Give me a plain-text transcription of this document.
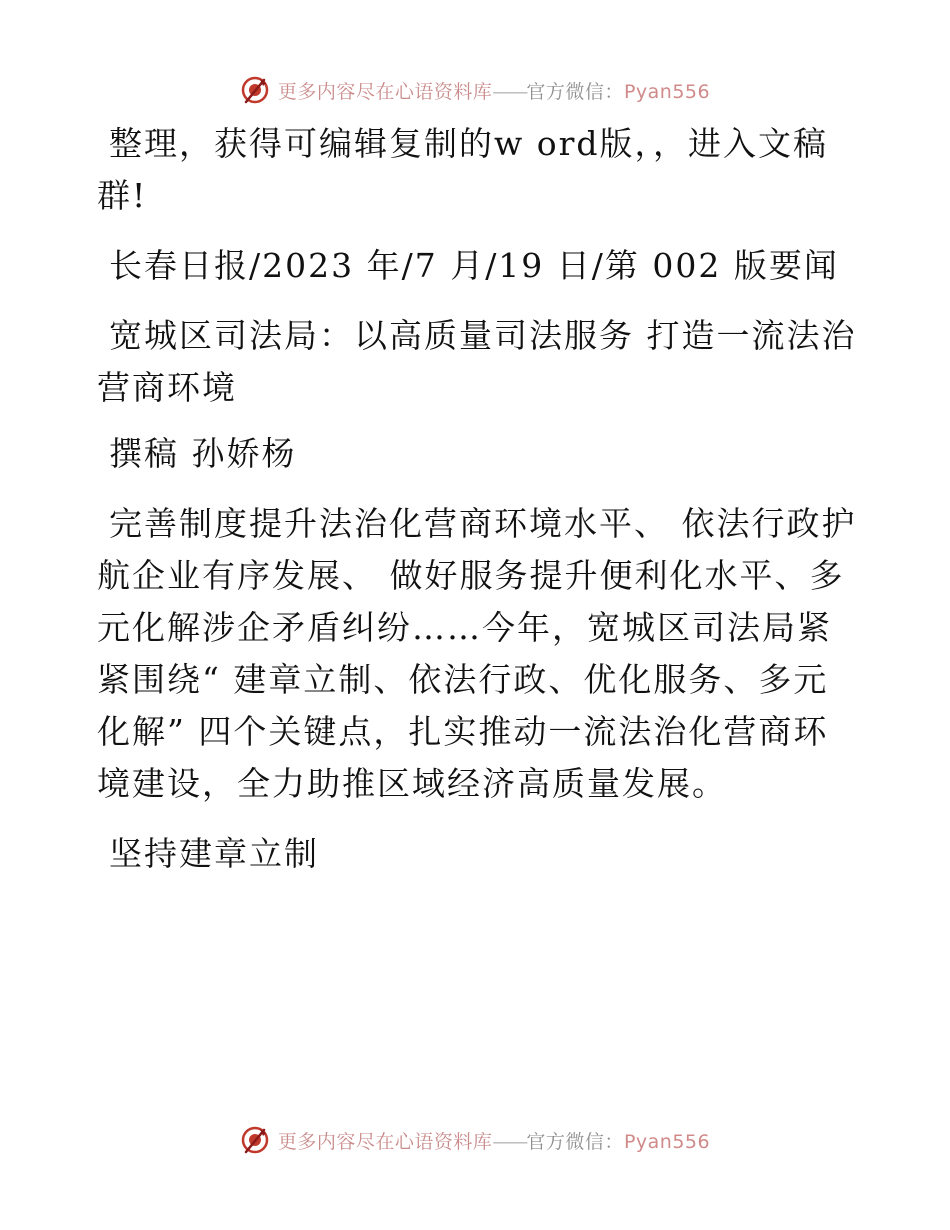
更多内容尽在心语资料库——官方微信：Pyan556

整理，获得可编辑复制的w ord版，，进入文稿群!

长春日报/2023 年/7 月/19 日/第 002 版要闻

宽城区司法局：以高质量司法服务 打造一流法治营商环境

撰稿 孙娇杨

完善制度提升法治化营商环境水平、 依法行政护航企业有序发展、 做好服务提升便利化水平、多元化解涉企矛盾纠纷……今年，宽城区司法局紧紧围绕“ 建章立制、依法行政、优化服务、多元化解” 四个关键点，扎实推动一流法治化营商环境建设，全力助推区域经济高质量发展。

坚持建章立制

更多内容尽在心语资料库——官方微信：Pyan556
